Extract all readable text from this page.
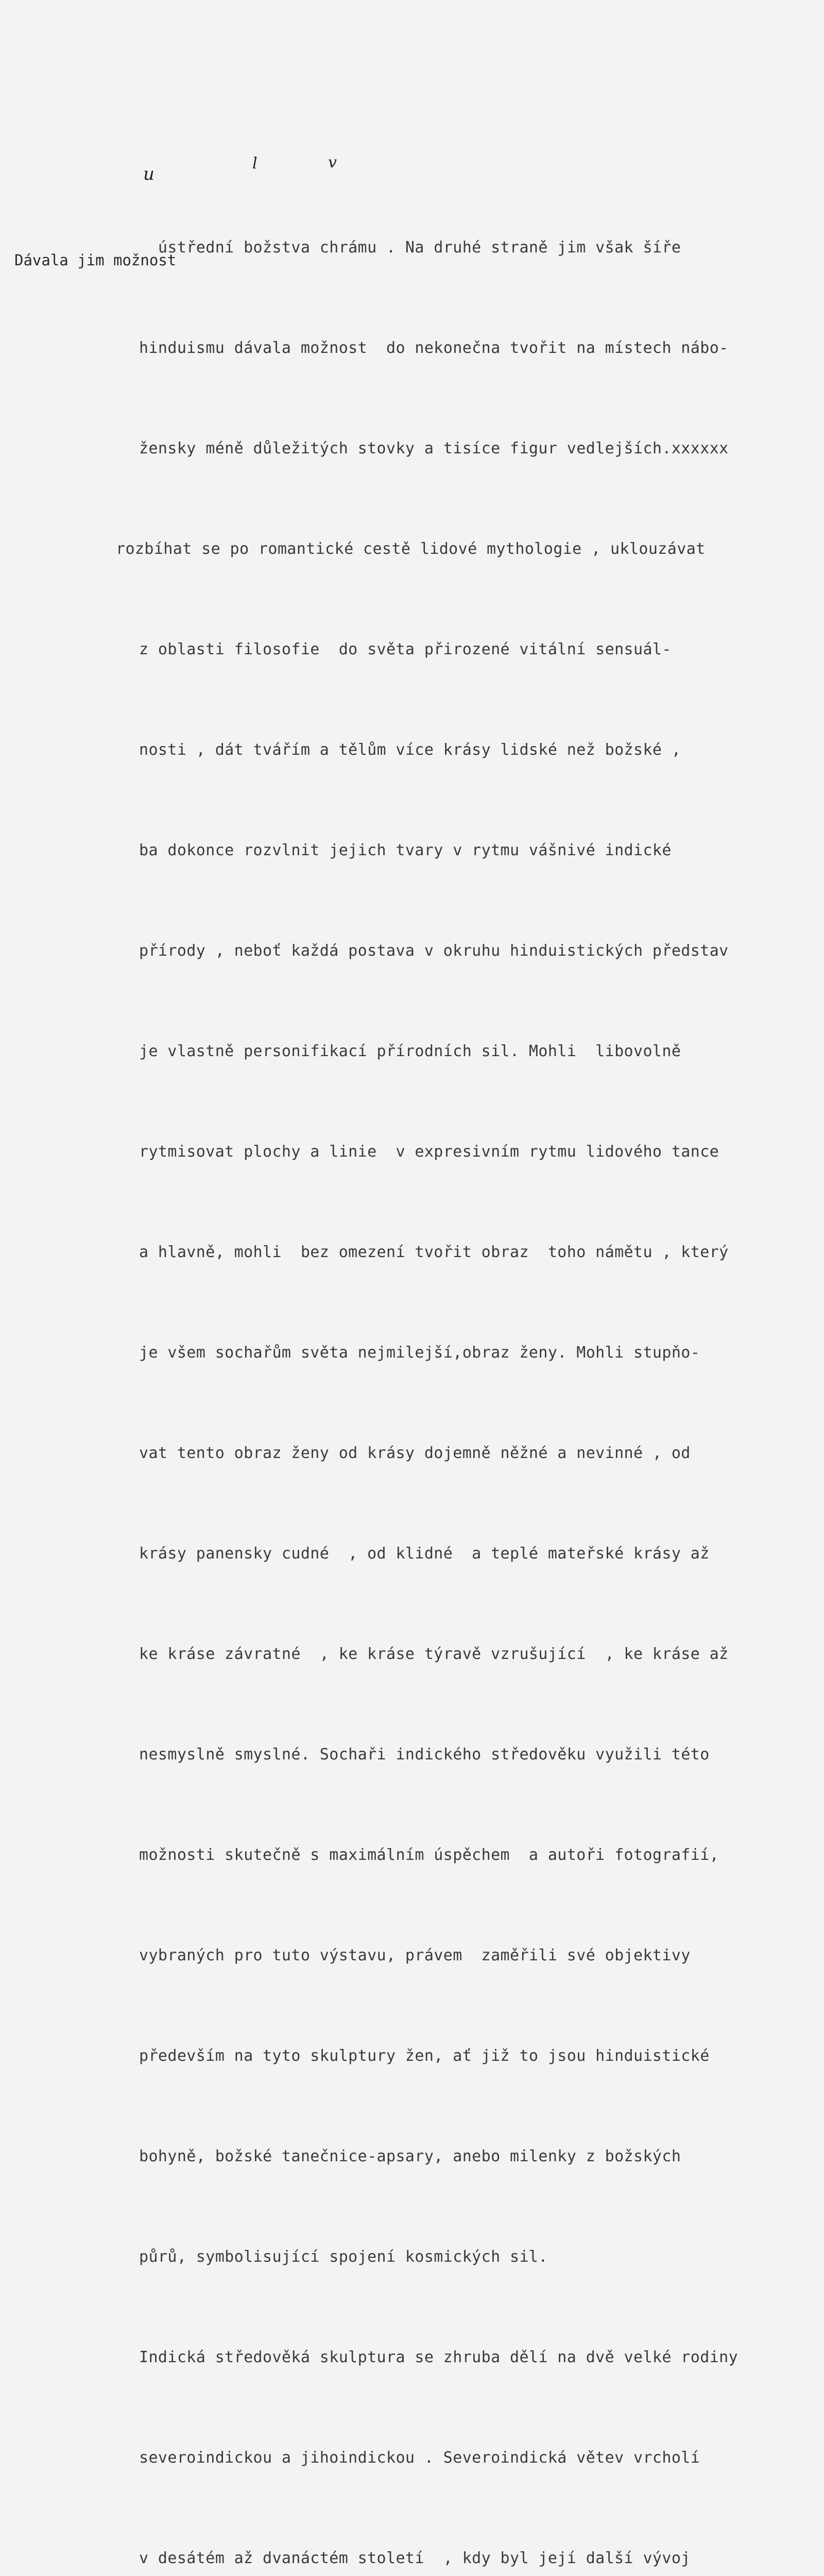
Dávala jim možnost
u
l	v

ústřední božstva chrámu . Na druhé straně jim však šíře

hinduismu dávala možnost  do nekonečna tvořit na místech nábo-

žensky méně důležitých stovky a tisíce figur vedlejších.xxxxxx

rozbíhat se po romantické cestě lidové mythologie , uklouzávat

z oblasti filosofie  do světa přirozené vitální sensuál-

nosti , dát tvářím a tělům více krásy lidské než božské ,

ba dokonce rozvlnit jejich tvary v rytmu vášnivé indické

přírody , neboť každá postava v okruhu hinduistických představ

je vlastně personifikací přírodních sil. Mohli  libovolně

rytmisovat plochy a linie  v expresivním rytmu lidového tance

a hlavně, mohli  bez omezení tvořit obraz  toho námětu , který

je všem sochařům světa nejmilejší,obraz ženy. Mohli stupňo-

vat tento obraz ženy od krásy dojemně něžné a nevinné , od

krásy panensky cudné  , od klidné  a teplé mateřské krásy až

ke kráse závratné  , ke kráse týravě vzrušující  , ke kráse až

nesmyslně smyslné. Sochaři indického středověku využili této

možnosti skutečně s maximálním úspěchem  a autoři fotografií,

vybraných pro tuto výstavu, právem  zaměřili své objektivy

především na tyto skulptury žen, ať již to jsou hinduistické

bohyně, božské tanečnice-apsary, anebo milenky z božských

půrů, symbolisující spojení kosmických sil.

Indická středověká skulptura se zhruba dělí na dvě velké rodiny

severoindickou a jihoindickou . Severoindická větev vrcholí

v desátém až dvanáctém století  , kdy byl její další vývoj
